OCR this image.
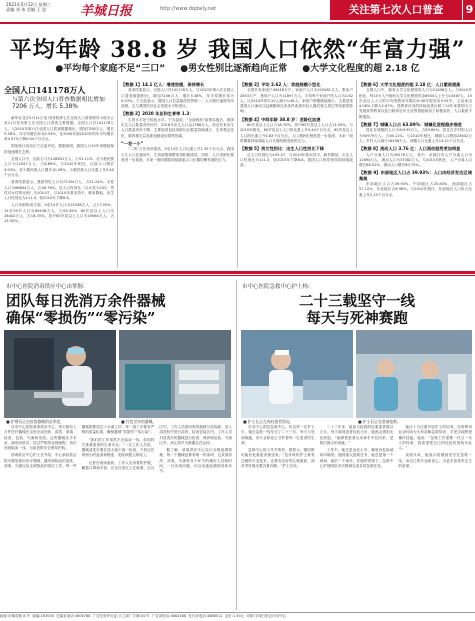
2021年5月12日 星期三
责编 刘 伟 美编 王 思	羊城日报	http://www.dqdaily.net	关注第七次人口普查	9
平均年龄 38.8 岁 我国人口依然“年富力强”
●平均每个家庭不足“三口” ●男女性别比逐渐趋向正常 ●大学文化程度的超 2.18 亿
全国人口141178万人
与第六次全国人口普查数据相比增加 7206 万人，增长 5.38%

新华社北京5月11日电 国务院第七次全国人口普查领导小组办公室11日发布第七次全国人口普查主要数据。全国人口共141178万人，与2010年第六次全国人口普查数据相比，增加7206万人，增长5.38%，年平均增长率为0.53%，比2000年到2010年的年平均增长率0.57%下降0.04个百分点。

国家统计局局长宁吉喆介绍，数据表明，我国人口10年来继续保持低速增长态势。

全国人口中，汉族人口为128631万人，占91.11%；各少数民族人口为12547万人，占8.89%。与2010年相比，汉族人口增长4.93%，各少数民族人口增长10.26%，少数民族人口比重上升0.40个百分点。

普查结果显示，我国男性人口为72334万人，占51.24%；女性人口为68844万人，占48.76%。总人口性别比（以女性为100，男性对女性的比例）为105.07，与2010年基本持平，略有降低。出生人口性别比为111.3，较2010年下降6.8。

人口年龄构成方面，0至14岁人口为25338万人，占17.95%；15至59岁人口为89438万人，占63.35%；60岁及以上人口为26402万人，占18.70%，其中65岁及以上人口为19064万人，占13.50%。

【数据 1】14.1 亿人：增速放缓，保持增长

普查结果显示，全国人口共141178万人，与2010年第六次全国人口普查数据相比，增加7206万人，增长5.38%，年平均增长率为0.53%。宁吉喆表示，我国人口总量稳居世界第一，人口增长速度有所放缓，这与我国经济社会发展水平相适应。

【数据 2】2020 年总和生育率 1.3：

生育水平处于较低水平。宁吉喆说，“全面两孩”政策实施后，我国出生人口数量有所回升，2016年出生人口达1786万人。但近年来出生人口数量有所下降，主要原因包括育龄妇女数量持续减少、生育观念变化、婚育推迟以及新冠肺炎疫情等因素。

“一老一小”

“二孩”占比有所提高，0至14岁人口比重上升1.35个百分点。我国少儿人口比重回升，生育政策调整取得积极成效。同时，人口老龄化程度进一步加深，未来一段时期将持续面临人口长期均衡发展的压力。

【数据 3】平均 2.62 人：家庭规模小型化

全国共有家庭户49416万户，家庭户人口为129281万人；集体户2853万户，集体户人口为11897万人。平均每个家庭户的人口为2.62人，比2010年的3.10人减少0.48人。家庭户规模继续缩小，主要是受我国人口流动日趋频繁和住房条件改善年轻人婚后独立居住等因素的影响。

【数据 4】中间年龄 38.8 岁：老龄化加速

60岁及以上人口占18.70%，其中65岁及以上人口占13.50%。与2010年相比，60岁及以上人口的比重上升5.44个百分点，65岁及以上人口的比重上升4.63个百分点。人口老龄化程度进一步加深，未来一段时期将持续面临人口长期均衡发展的压力。

【数据 5】男女性别比：出生人口性别比下降

总人口性别比为105.07，与2010年基本持平，略有降低。出生人口性别比为111.3，较2010年下降6.8。我国人口的性别结构持续改善。

【数据 6】大学文化程度的超 2.18 亿：人口素质提高

全国人口中，拥有大学文化程度的人口为21836万人。与2010年相比，每10万人中拥有大学文化程度的由8930人上升为15467人，15岁及以上人口的平均受教育年限由9.08年提高至9.91年，文盲率由4.08%下降为2.67%。受教育状况的持续改善反映了10年来我国大力发展高等教育以及扫除青壮年文盲等措施取得了积极成效，人口素质不断提高。

【数据 7】城镇人口占 63.89%：城镇化进程稳步推进

居住在城镇的人口为90199万人，占63.89%；居住在乡村的人口为50979万人，占36.11%。与2010年相比，城镇人口增加23642万人，乡村人口减少16436万人，城镇人口比重上升14.21个百分点。

【数据 8】流动人口 3.76 亿：人口流动趋势更加明显

人户分离人口为49276万人，其中，市辖区内人户分离人口为11694万人，流动人口为37582万人。与2010年相比，人户分离人口增长88.52%，流动人口增长69.73%。

【数据 9】东部地区人口占 39.93%：人口向经济发达区域集聚

东部地区人口占39.93%，中部地区占25.83%，西部地区占27.12%，东北地区占6.98%。与2010年相比，东部地区人口所占比重上升2.15个百分点。

市中心医院消毒供应中心由掌握:
团队每日洗消万余件器械
确保“零损伤”“零污染”
■ 护理员正在检查器械的洁净度。	■ 打包完毕的器械。

在市中心医院消毒供应中心，每天都有上万件医疗器械在这里完成回收、清洗、消毒、检查、包装、灭菌和发放。这些器械从手术室、病房回收后，经过严格的处理流程，再次回到临床一线，为患者的安全保驾护航。

消毒供应中心护士长介绍，中心承担着全院可重复使用诊疗器械、器具和物品的清洗、消毒、灭菌以及无菌物品的供应工作。每一件器械都要经过十余道工序，每一道工序都有严格的质量标准，确保器械“零损伤”“零污染”。

“我们的工作虽然不在临床一线，但同样关系着患者的生命安全。”一名工作人员说，器械清洗后要在放大镜下逐一检查，不放过任何细小的血渍和锈迹，发现问题立即返工。

记者在现场看到，工作人员身着防护服，戴着口罩和手套，在各自岗位上忙碌着。去污区内，工作人员将回收的器械分类拆卸，放入清洗机中进行清洗；检查包装区内，工作人员对清洗后的器械进行检查、保养和包装；灭菌区内，高压蒸汽灭菌器正在运转。

据了解，消毒供应中心实行全程追溯管理，每一个器械包都有唯一的条码，记录着清洗、消毒、灭菌等各个环节的操作人员和时间，一旦出现问题，可以迅速追溯到具体环节。

市中心医院急救中心护士杨:
二十三载坚守一线
每天与死神赛跑
■ 护士长正在询问患者情况。	■ 护士们正在准备抢救。

在市中心医院急救中心，有这样一位护士长，她在急救一线坚守了二十三年，每天与死神赛跑，用专业和爱心守护着每一位患者的生命。

急救中心的工作节奏快、强度大，随时都可能有危重患者被送来。“急诊科的护士要有过硬的专业技术，还要有良好的心理素质，面对突发情况要沉着冷静。”护士长说。

二十三年来，她参与抢救的危重患者数以万计。每当看到患者转危为安，她都会感到无比欣慰。“能够把患者从死神手中拉回来，是我们最大的成就。”

工作中，她总是身先士卒，哪里有危险就冲向哪里。遇到重大抢救任务，她总是第一个到场，最后一个离开。在她的带领下，急救中心护理团队多次圆满完成各项急救任务。

她还十分注重年轻护士的培养，经常利用业余时间为大家讲解急救知识，手把手地教授操作技能。她说：“急救工作需要一代又一代人的传承，我希望把自己的经验传授给年轻人。”

谈到未来，她表示将继续坚守在急救一线，用自己的专业和爱心，为更多患者带去生的希望。

地址:市解放路 8 号 邮编:163000 总编室电话:4606788 广告经营许可证:大工商广字第001号 广告部电话:4682588 发行部电话:4686012 定价:1.50元 印刷:羊城日报社印务中心
